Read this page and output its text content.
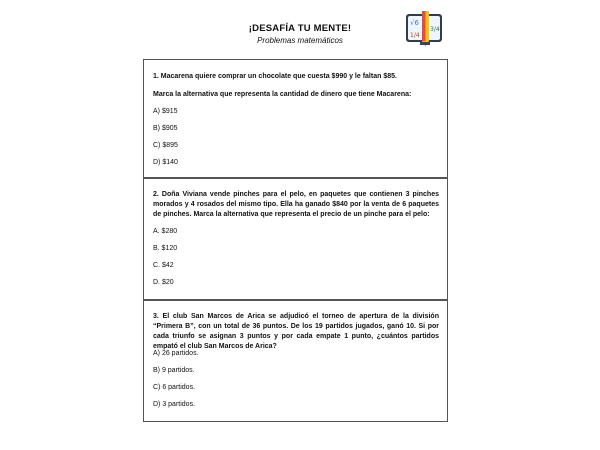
¡DESAFÍA TU MENTE!
Problemas matemáticos
√6
1/4
3/4
1. Macarena quiere comprar un chocolate que cuesta $990 y le faltan $85.
Marca la alternativa que representa la cantidad de dinero que tiene Macarena:
A) $915
B) $905
C) $895
D) $140
2. Doña Viviana vende pinches para el pelo, en paquetes que contienen 3 pinches morados y 4 rosados del mismo tipo. Ella ha ganado $840 por la venta de 6 paquetes de pinches. Marca la alternativa que representa el precio de un pinche para el pelo:
A. $280
B. $120
C. $42
D. $20
3. El club San Marcos de Arica se adjudicó el torneo de apertura de la división “Primera B”, con un total de 36 puntos. De los 19 partidos jugados, ganó 10. Si por cada triunfo se asignan 3 puntos y por cada empate 1 punto, ¿cuántos partidos empató el club San Marcos de Arica?
A) 26 partidos.
B) 9 partidos.
C) 6 partidos.
D) 3 partidos.
